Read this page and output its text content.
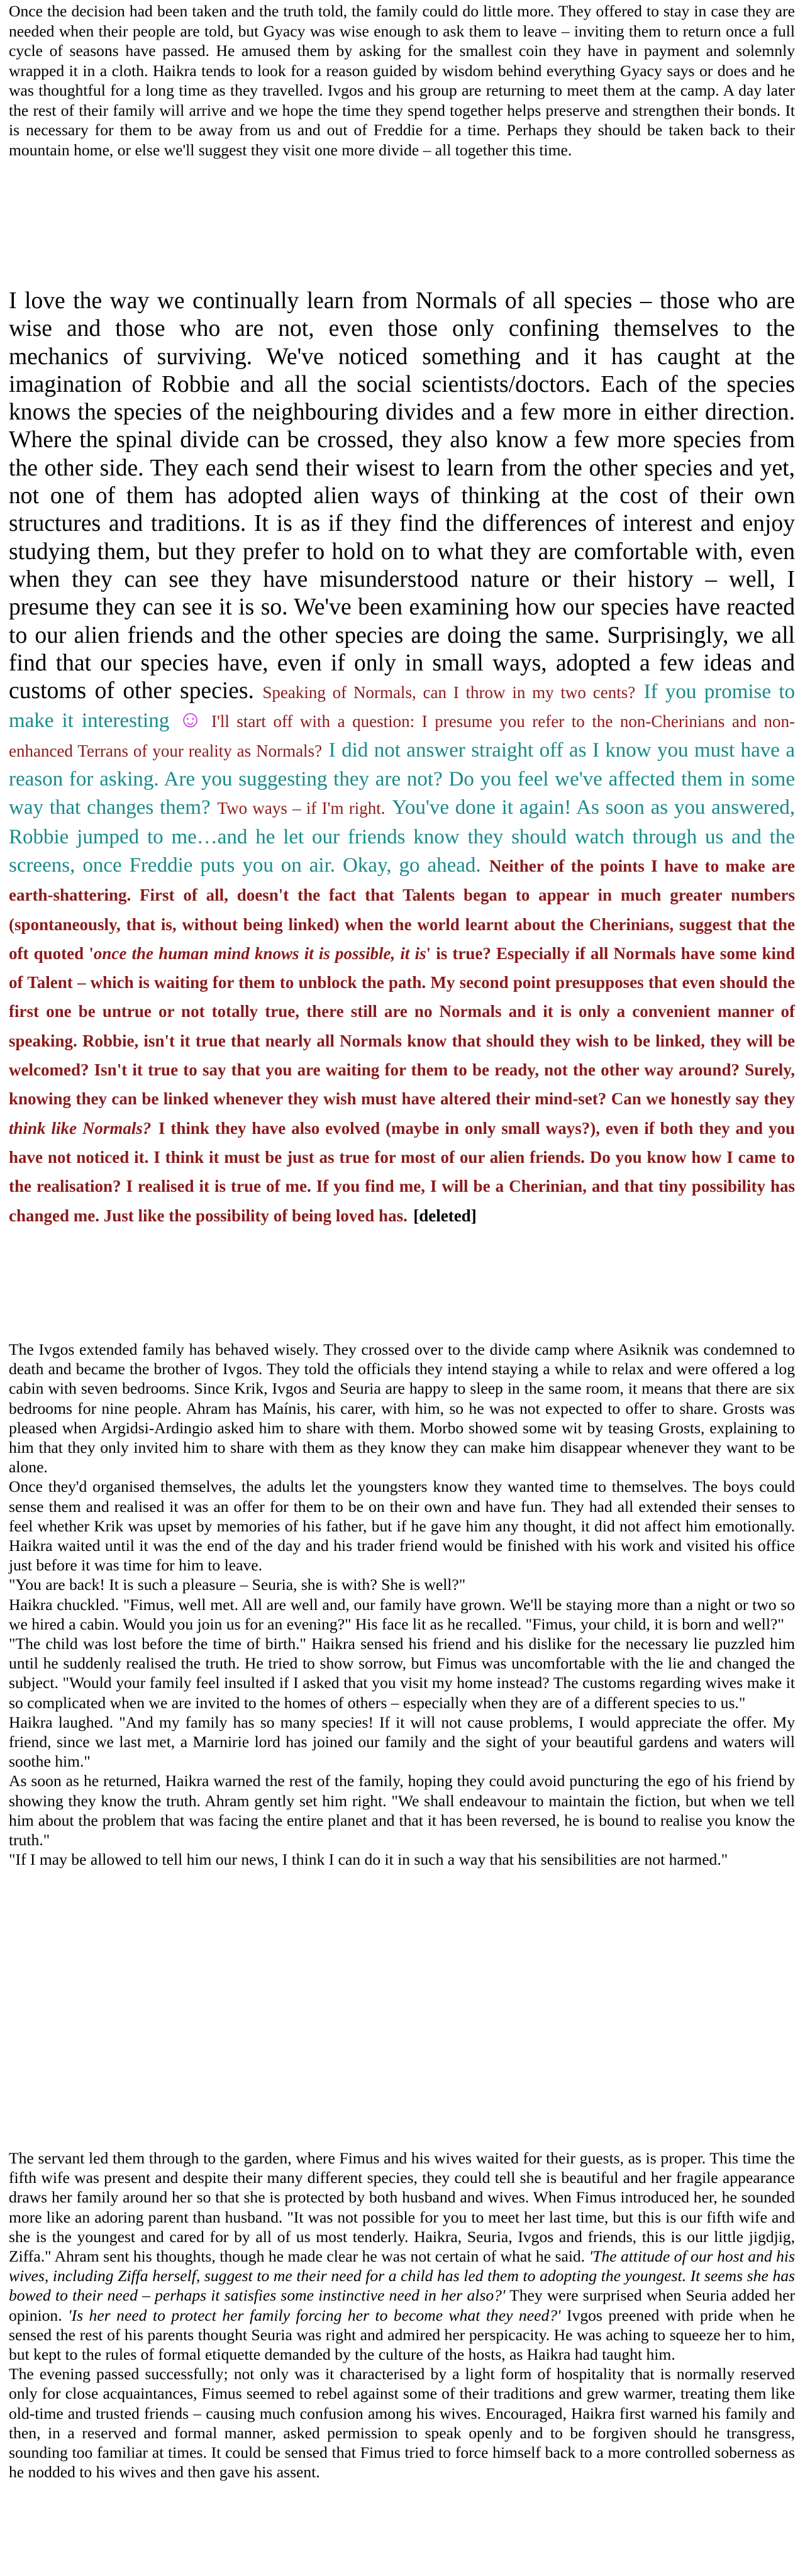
Once the decision had been taken and the truth told, the family could do little more. They offered to stay in case they are needed when their people are told, but Gyacy was wise enough to ask them to leave – inviting them to return once a full cycle of seasons have passed. He amused them by asking for the smallest coin they have in payment and solemnly wrapped it in a cloth. Haikra tends to look for a reason guided by wisdom behind everything Gyacy says or does and he was thoughtful for a long time as they travelled. Ivgos and his group are returning to meet them at the camp. A day later the rest of their family will arrive and we hope the time they spend together helps preserve and strengthen their bonds. It is necessary for them to be away from us and out of Freddie for a time. Perhaps they should be taken back to their mountain home, or else we'll suggest they visit one more divide – all together this time.

I love the way we continually learn from Normals of all species – those who are wise and those who are not, even those only confining themselves to the mechanics of surviving. We've noticed something and it has caught at the imagination of Robbie and all the social scientists/doctors. Each of the species knows the species of the neighbouring divides and a few more in either direction. Where the spinal divide can be crossed, they also know a few more species from the other side. They each send their wisest to learn from the other species and yet, not one of them has adopted alien ways of thinking at the cost of their own structures and traditions. It is as if they find the differences of interest and enjoy studying them, but they prefer to hold on to what they are comfortable with, even when they can see they have misunderstood nature or their history – well, I presume they can see it is so. We've been examining how our species have reacted to our alien friends and the other species are doing the same. Surprisingly, we all find that our species have, even if only in small ways, adopted a few ideas and customs of other species. Speaking of Normals, can I throw in my two cents? If you promise to make it interesting ☺ I'll start off with a question: I presume you refer to the non-Cherinians and non-enhanced Terrans of your reality as Normals? I did not answer straight off as I know you must have a reason for asking. Are you suggesting they are not? Do you feel we've affected them in some way that changes them? Two ways – if I'm right. You've done it again! As soon as you answered, Robbie jumped to me…and he let our friends know they should watch through us and the screens, once Freddie puts you on air. Okay, go ahead. Neither of the points I have to make are earth-shattering. First of all, doesn't the fact that Talents began to appear in much greater numbers (spontaneously, that is, without being linked) when the world learnt about the Cherinians, suggest that the oft quoted 'once the human mind knows it is possible, it is' is true? Especially if all Normals have some kind of Talent – which is waiting for them to unblock the path. My second point presupposes that even should the first one be untrue or not totally true, there still are no Normals and it is only a convenient manner of speaking. Robbie, isn't it true that nearly all Normals know that should they wish to be linked, they will be welcomed? Isn't it true to say that you are waiting for them to be ready, not the other way around? Surely, knowing they can be linked whenever they wish must have altered their mind-set? Can we honestly say they think like Normals? I think they have also evolved (maybe in only small ways?), even if both they and you have not noticed it. I think it must be just as true for most of our alien friends. Do you know how I came to the realisation? I realised it is true of me. If you find me, I will be a Cherinian, and that tiny possibility has changed me. Just like the possibility of being loved has. [deleted]

The Ivgos extended family has behaved wisely. They crossed over to the divide camp where Asiknik was condemned to death and became the brother of Ivgos. They told the officials they intend staying a while to relax and were offered a log cabin with seven bedrooms. Since Krik, Ivgos and Seuria are happy to sleep in the same room, it means that there are six bedrooms for nine people. Ahram has Maínis, his carer, with him, so he was not expected to offer to share. Grosts was pleased when Argidsi-Ardingio asked him to share with them. Morbo showed some wit by teasing Grosts, explaining to him that they only invited him to share with them as they know they can make him disappear whenever they want to be alone.

Once they'd organised themselves, the adults let the youngsters know they wanted time to themselves. The boys could sense them and realised it was an offer for them to be on their own and have fun. They had all extended their senses to feel whether Krik was upset by memories of his father, but if he gave him any thought, it did not affect him emotionally. Haikra waited until it was the end of the day and his trader friend would be finished with his work and visited his office just before it was time for him to leave.

"You are back! It is such a pleasure – Seuria, she is with? She is well?"

Haikra chuckled. "Fimus, well met. All are well and, our family have grown. We'll be staying more than a night or two so we hired a cabin. Would you join us for an evening?" His face lit as he recalled. "Fimus, your child, it is born and well?"

"The child was lost before the time of birth." Haikra sensed his friend and his dislike for the necessary lie puzzled him until he suddenly realised the truth. He tried to show sorrow, but Fimus was uncomfortable with the lie and changed the subject. "Would your family feel insulted if I asked that you visit my home instead? The customs regarding wives make it so complicated when we are invited to the homes of others – especially when they are of a different species to us."

Haikra laughed. "And my family has so many species! If it will not cause problems, I would appreciate the offer. My friend, since we last met, a Marnirie lord has joined our family and the sight of your beautiful gardens and waters will soothe him."

As soon as he returned, Haikra warned the rest of the family, hoping they could avoid puncturing the ego of his friend by showing they know the truth. Ahram gently set him right. "We shall endeavour to maintain the fiction, but when we tell him about the problem that was facing the entire planet and that it has been reversed, he is bound to realise you know the truth."

"If I may be allowed to tell him our news, I think I can do it in such a way that his sensibilities are not harmed."

The servant led them through to the garden, where Fimus and his wives waited for their guests, as is proper. This time the fifth wife was present and despite their many different species, they could tell she is beautiful and her fragile appearance draws her family around her so that she is protected by both husband and wives. When Fimus introduced her, he sounded more like an adoring parent than husband. "It was not possible for you to meet her last time, but this is our fifth wife and she is the youngest and cared for by all of us most tenderly. Haikra, Seuria, Ivgos and friends, this is our little jigdjig, Ziffa." Ahram sent his thoughts, though he made clear he was not certain of what he said. 'The attitude of our host and his wives, including Ziffa herself, suggest to me their need for a child has led them to adopting the youngest. It seems she has bowed to their need – perhaps it satisfies some instinctive need in her also?' They were surprised when Seuria added her opinion. 'Is her need to protect her family forcing her to become what they need?' Ivgos preened with pride when he sensed the rest of his parents thought Seuria was right and admired her perspicacity. He was aching to squeeze her to him, but kept to the rules of formal etiquette demanded by the culture of the hosts, as Haikra had taught him.

The evening passed successfully; not only was it characterised by a light form of hospitality that is normally reserved only for close acquaintances, Fimus seemed to rebel against some of their traditions and grew warmer, treating them like old-time and trusted friends – causing much confusion among his wives. Encouraged, Haikra first warned his family and then, in a reserved and formal manner, asked permission to speak openly and to be forgiven should he transgress, sounding too familiar at times. It could be sensed that Fimus tried to force himself back to a more controlled soberness as he nodded to his wives and then gave his assent.
